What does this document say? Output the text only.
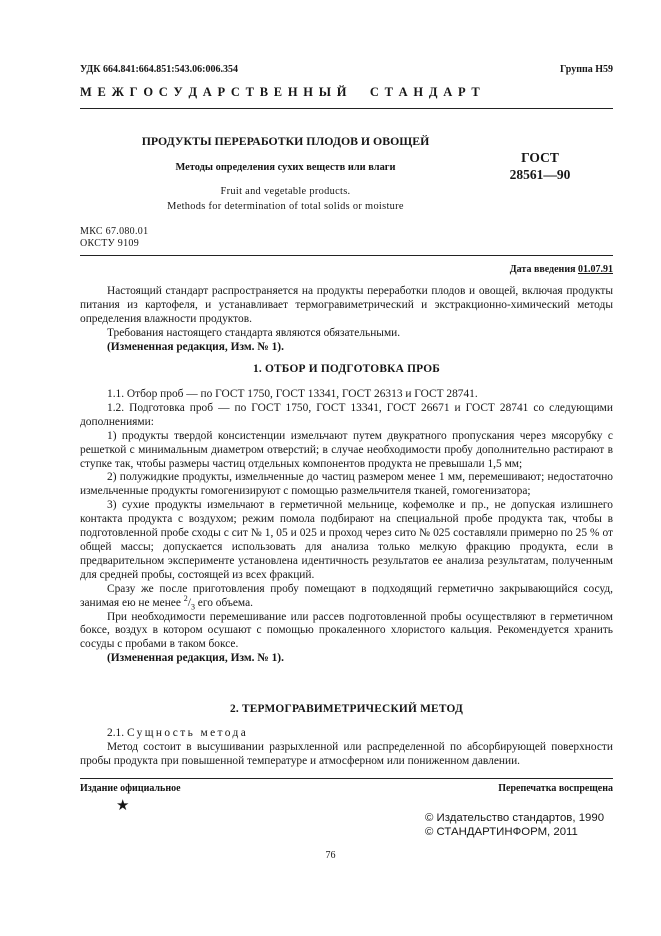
УДК 664.841:664.851:543.06:006.354	Группа Н59
М Е Ж Г О С У Д А Р С Т В Е Н Н Ы Й     С Т А Н Д А Р Т
ПРОДУКТЫ ПЕРЕРАБОТКИ ПЛОДОВ И ОВОЩЕЙ
Методы определения сухих веществ или влаги
Fruit and vegetable products.
Methods for determination of total solids or moisture
ГОСТ
28561—90
МКС 67.080.01
ОКСТУ 9109
Дата введения 01.07.91

Настоящий стандарт распространяется на продукты переработки плодов и овощей, включая продукты питания из картофеля, и устанавливает термогравиметрический и экстракционно-химический методы определения влажности продуктов.

Требования настоящего стандарта являются обязательными.

(Измененная редакция, Изм. № 1).

1. ОТБОР И ПОДГОТОВКА ПРОБ

1.1. Отбор проб — по ГОСТ 1750, ГОСТ 13341, ГОСТ 26313 и ГОСТ 28741.

1.2. Подготовка проб — по ГОСТ 1750, ГОСТ 13341, ГОСТ 26671 и ГОСТ 28741 со следующими дополнениями:

1) продукты твердой консистенции измельчают путем двукратного пропускания через мясорубку с решеткой с минимальным диаметром отверстий; в случае необходимости пробу дополнительно растирают в ступке так, чтобы размеры частиц отдельных компонентов продукта не превышали 1,5 мм;

2) полужидкие продукты, измельченные до частиц размером менее 1 мм, перемешивают; недостаточно измельченные продукты гомогенизируют с помощью размельчителя тканей, гомогенизатора;

3) сухие продукты измельчают в герметичной мельнице, кофемолке и пр., не допуская излишнего контакта продукта с воздухом; режим помола подбирают на специальной пробе продукта так, чтобы в подготовленной пробе сходы с сит № 1, 05 и 025 и проход через сито № 025 составляли примерно по 25 % от общей массы; допускается использовать для анализа только мелкую фракцию продукта, если в предварительном эксперименте установлена идентичность результатов ее анализа результатам, полученным для средней пробы, состоящей из всех фракций.

Сразу же после приготовления пробу помещают в подходящий герметично закрывающийся сосуд, занимая ею не менее $^2/_3$ его объема.

При необходимости перемешивание или рассев подготовленной пробы осуществляют в герметичном боксе, воздух в котором осушают с помощью прокаленного хлористого кальция. Рекомендуется хранить сосуды с пробами в таком боксе.

(Измененная редакция, Изм. № 1).

2. ТЕРМОГРАВИМЕТРИЧЕСКИЙ МЕТОД

2.1. Сущность метода

Метод состоит в высушивании разрыхленной или распределенной по абсорбирующей поверхности пробы продукта при повышенной температуре и атмосферном или пониженном давлении.

Издание официальное	Перепечатка воспрещена
★
© Издательство стандартов, 1990
© СТАНДАРТИНФОРМ, 2011
76
